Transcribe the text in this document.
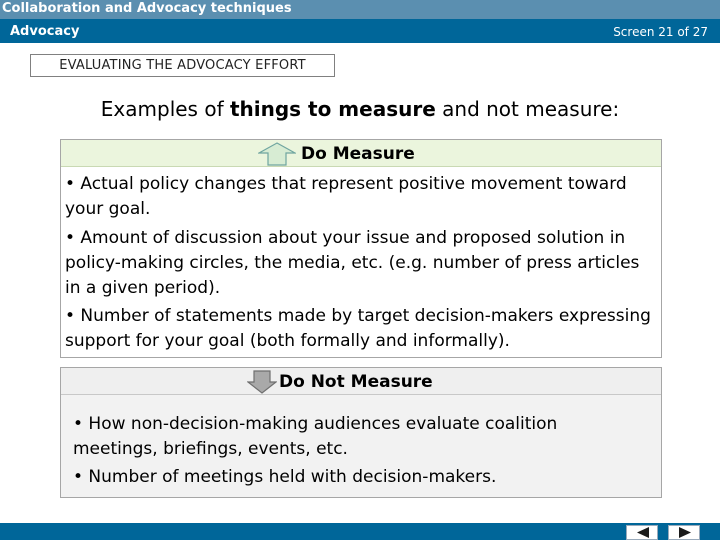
Collaboration and Advocacy techniques
Advocacy	Screen 21 of 27
EVALUATING THE ADVOCACY EFFORT
Examples of things to measure and not measure:
Do Measure
• Actual policy changes that represent positive movement toward your goal.
• Amount of discussion about your issue and proposed solution in policy-making circles, the media, etc. (e.g. number of press articles in a given period).
• Number of statements made by target decision-makers expressing support for your goal (both formally and informally).
Do Not Measure
• How non-decision-making audiences evaluate coalition meetings, briefings, events, etc.
• Number of meetings held with decision-makers.
